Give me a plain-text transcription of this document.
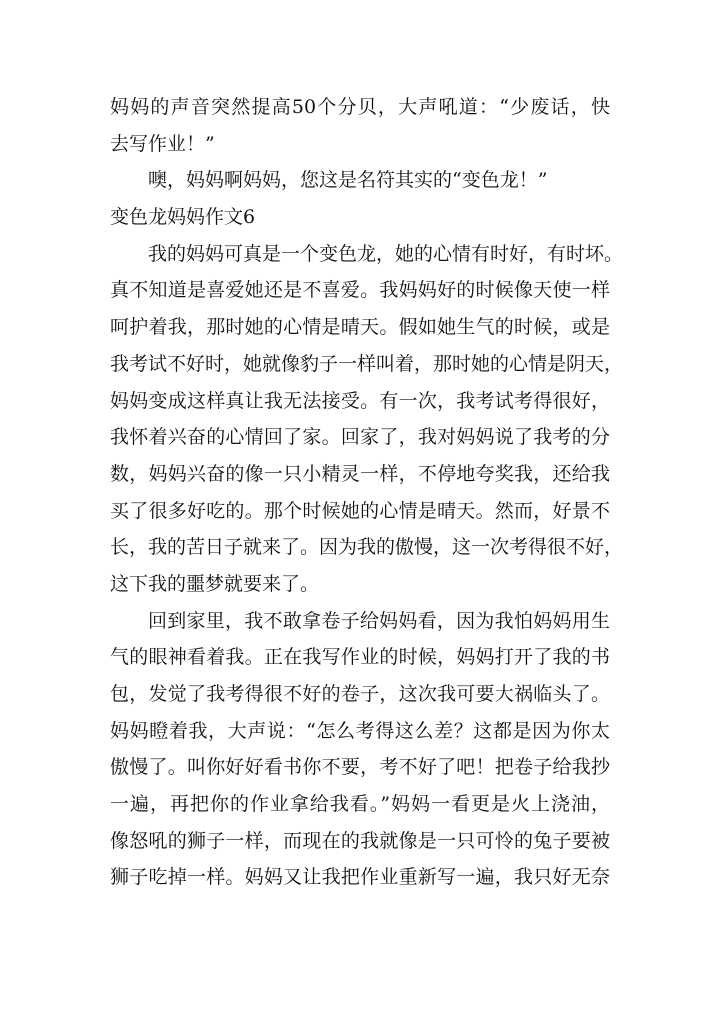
妈妈的声音突然提高50个分贝，大声吼道：“少废话，快
去写作业！”
噢，妈妈啊妈妈，您这是名符其实的“变色龙！”
变色龙妈妈作文6
我的妈妈可真是一个变色龙，她的心情有时好，有时坏。
真不知道是喜爱她还是不喜爱。我妈妈好的时候像天使一样
呵护着我，那时她的心情是晴天。假如她生气的时候，或是
我考试不好时，她就像豹子一样叫着，那时她的心情是阴天，
妈妈变成这样真让我无法接受。有一次，我考试考得很好，
我怀着兴奋的心情回了家。回家了，我对妈妈说了我考的分
数，妈妈兴奋的像一只小精灵一样，不停地夸奖我，还给我
买了很多好吃的。那个时候她的心情是晴天。然而，好景不
长，我的苦日子就来了。因为我的傲慢，这一次考得很不好，
这下我的噩梦就要来了。
回到家里，我不敢拿卷子给妈妈看，因为我怕妈妈用生
气的眼神看着我。正在我写作业的时候，妈妈打开了我的书
包，发觉了我考得很不好的卷子，这次我可要大祸临头了。
妈妈瞪着我，大声说：“怎么考得这么差？这都是因为你太
傲慢了。叫你好好看书你不要，考不好了吧！把卷子给我抄
一遍，再把你的作业拿给我看。”妈妈一看更是火上浇油，
像怒吼的狮子一样，而现在的我就像是一只可怜的兔子要被
狮子吃掉一样。妈妈又让我把作业重新写一遍，我只好无奈
